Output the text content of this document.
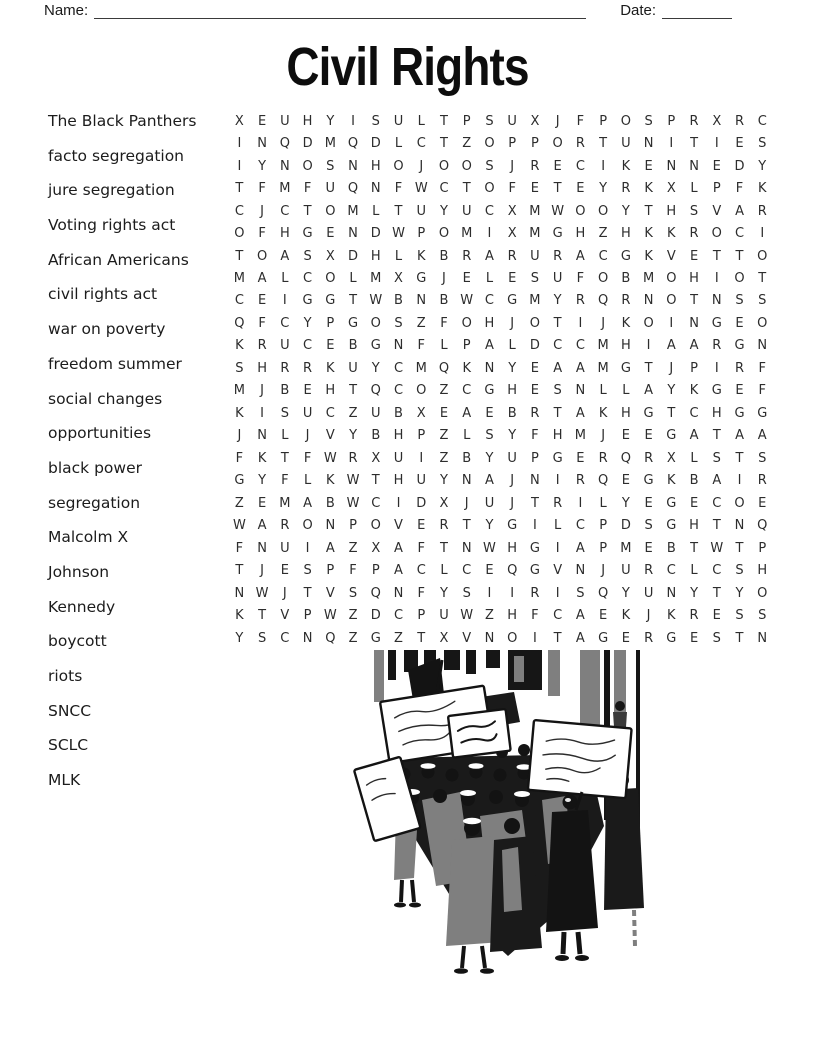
Name:	Date:
Civil Rights
The Black Panthers
facto segregation
jure segregation
Voting rights act
African Americans
civil rights act
war on poverty
freedom summer
social changes
opportunities
black power
segregation
Malcolm X
Johnson
Kennedy
boycott
riots
SNCC
SCLC
MLK
X	E	U	H	Y	I	S	U	L	T	P	S	U	X	J	F	P	O	S	P	R	X	R	C
I	N Q D M Q D	L	C	T	Z	O	P	P	O	R	T	U	N	I	T	I	E	S
I	Y	N O	S	N H O	J	O O	S	J	R	E	C	I	K	E	N	N	E	D	Y
T	F	M	F	U Q N	F W C	T	O	F	E	T	E	Y	R	K	X	L	P	F	K
C	J	C	T	O M	L	T	U	Y	U	C	X M W O O	Y	T	H	S	V	A	R
O	F	H G	E	N D W P	O M	I	X M G H	Z	H	K	K	R	O	C	I
T	O	A	S	X	D H	L	K	B	R	A	R	U	R	A	C	G	K	V	E	T	T	O
M A	L	C	O	L	M X	G	J	E	L	E	S	U	F	O	B M O H	I	O	T
C	E	I	G G	T W B	N	B W C	G M	Y	R	Q	R	N O	T	N	S	S
Q	F	C	Y	P	G O	S	Z	F	O H	J	O	T	I	J	K	O	I	N G	E	O
K	R	U	C	E	B	G N	F	L	P	A	L	D	C	C M H	I	A	A	R	G N
S	H	R	R	K	U	Y	C M Q	K	N	Y	E	A	A M G	T	J	P	I	R	F
M	J	B	E	H	T	Q	C	O	Z	C	G H	E	S	N	L	L	A	Y	K	G	E	F
K	I	S	U	C	Z	U	B	X	E	A	E	B	R	T	A	K	H G	T	C	H G G
J	N	L	J	V	Y	B	H	P	Z	L	S	Y	F	H M	J	E	E	G	A	T	A	A
F	K	T	F W R	X	U	I	Z	B	Y	U	P	G	E	R	Q	R	X	L	S	T	S
G	Y	F	L	K W T	H	U	Y	N	A	J	N	I	R	Q	E	G	K	B	A	I	R
Z	E	M A	B W C	I	D	X	J	U	J	T	R	I	L	Y	E	G	E	C	O	E
W A	R	O N	P	O	V	E	R	T	Y	G	I	L	C	P	D	S	G H	T	N Q
F	N	U	I	A	Z	X	A	F	T	N W H G	I	A	P	M	E	B	T W T	P
T	J	E	S	P	F	P	A	C	L	C	E	Q G	V	N	J	U	R	C	L	C	S	H
N W	J	T	V	S	Q N	F	Y	S	I	I	R	I	S	Q	Y	U	N	Y	T	Y	O
K	T	V	P W Z	D	C	P	U W Z	H	F	C	A	E	K	J	K	R	E	S	S
Y	S	C	N Q	Z	G	Z	T	X	V	N O	I	T	A	G	E	R	G	E	S	T	N
